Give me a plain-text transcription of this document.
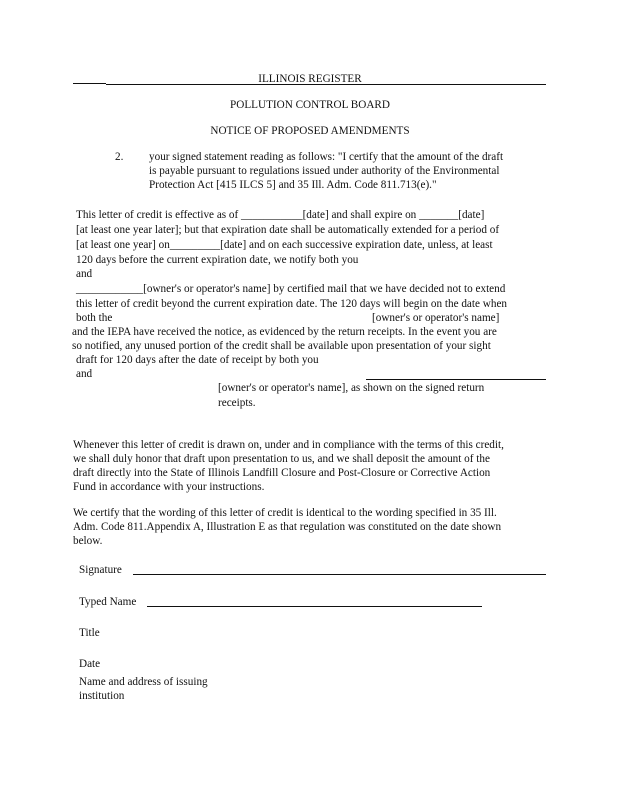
ILLINOIS REGISTER
POLLUTION CONTROL BOARD
NOTICE OF PROPOSED AMENDMENTS
2. your signed statement reading as follows: "I certify that the amount of the draft
is payable pursuant to regulations issued under authority of the Environmental
Protection Act [415 ILCS 5] and 35 Ill. Adm. Code 811.713(e)."
This letter of credit is effective as of ___________[date] and shall expire on _______[date]
[at least one year later]; but that expiration date shall be automatically extended for a period of
[at least one year] on_________[date] and on each successive expiration date, unless, at least
120 days before the current expiration date, we notify both you
and
____________[owner's or operator's name] by certified mail that we have decided not to extend
this letter of credit beyond the current expiration date. The 120 days will begin on the date when
both the	[owner's or operator's name]
and the IEPA have received the notice, as evidenced by the return receipts. In the event you are
so notified, any unused portion of the credit shall be available upon presentation of your sight
draft for 120 days after the date of receipt by both you
and
[owner's or operator's name], as shown on the signed return
receipts.
Whenever this letter of credit is drawn on, under and in compliance with the terms of this credit,
we shall duly honor that draft upon presentation to us, and we shall deposit the amount of the
draft directly into the State of Illinois Landfill Closure and Post-Closure or Corrective Action
Fund in accordance with your instructions.
We certify that the wording of this letter of credit is identical to the wording specified in 35 Ill.
Adm. Code 811.Appendix A, Illustration E as that regulation was constituted on the date shown
below.
Signature
Typed Name
Title
Date
Name and address of issuing
institution
